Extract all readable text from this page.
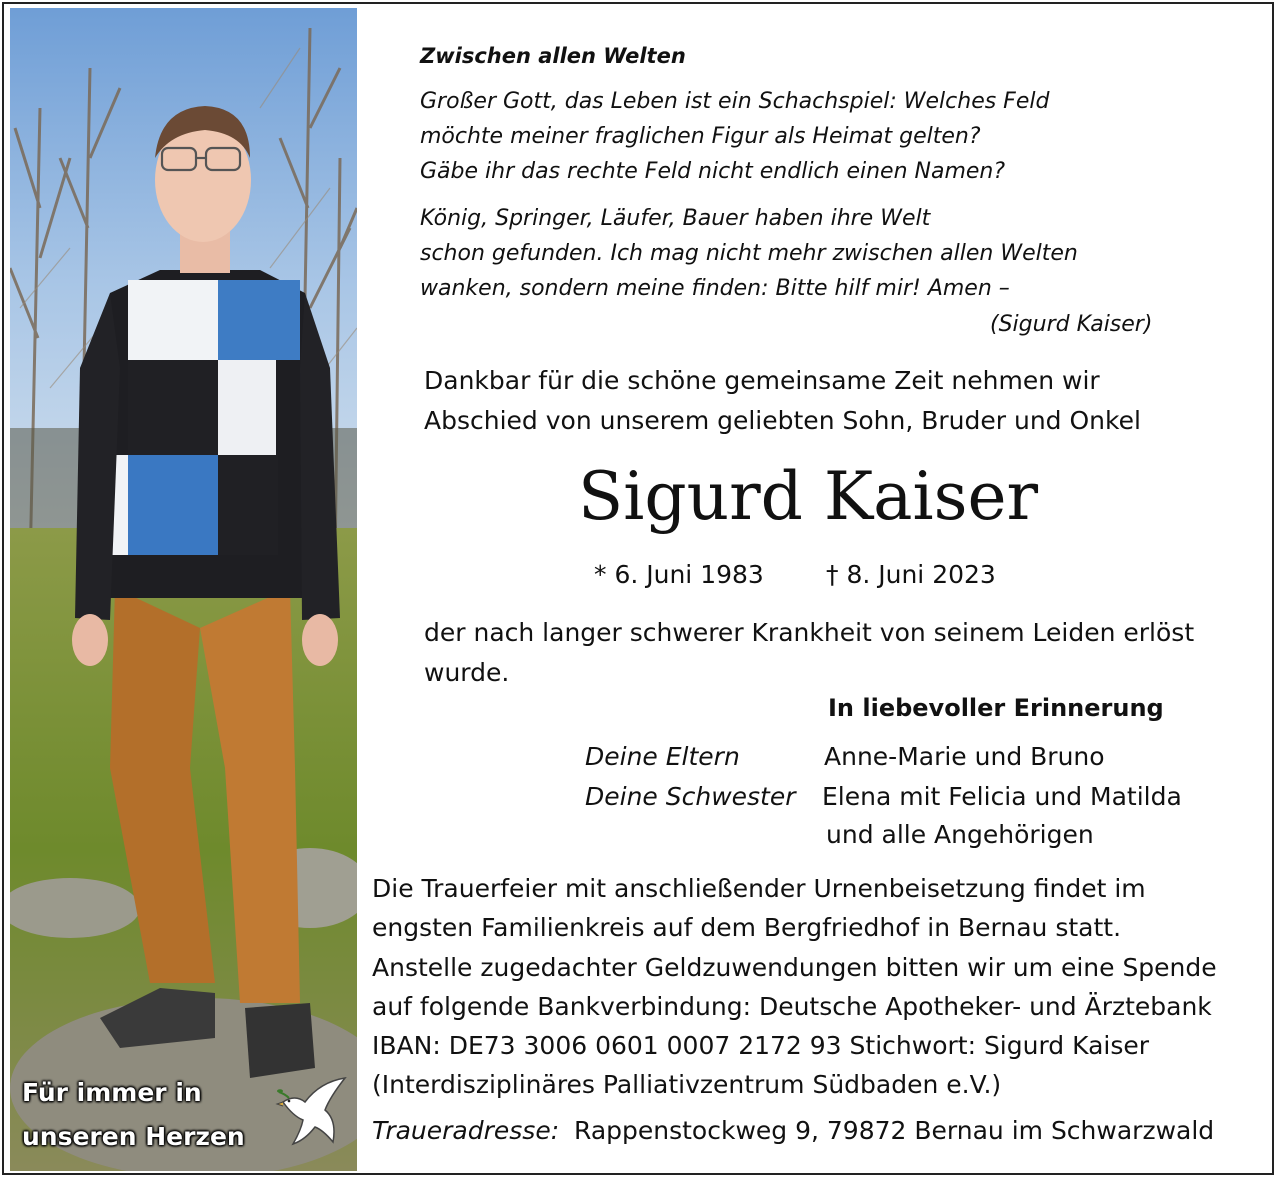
Für immer in
unseren Herzen
Zwischen allen Welten
Großer Gott, das Leben ist ein Schachspiel: Welches Feld
möchte meiner fraglichen Figur als Heimat gelten?
Gäbe ihr das rechte Feld nicht endlich einen Namen?
König, Springer, Läufer, Bauer haben ihre Welt
schon gefunden. Ich mag nicht mehr zwischen allen Welten
wanken, sondern meine finden: Bitte hilf mir! Amen –
(Sigurd Kaiser)
Dankbar für die schöne gemeinsame Zeit nehmen wir
Abschied von unserem geliebten Sohn, Bruder und Onkel
Sigurd Kaiser
* 6. Juni 1983 † 8. Juni 2023
der nach langer schwerer Krankheit von seinem Leiden erlöst
wurde.
In liebevoller Erinnerung
Deine Eltern	Anne-Marie und Bruno
Deine Schwester Elena mit Felicia und Matilda
und alle Angehörigen
Die Trauerfeier mit anschließender Urnenbeisetzung findet im
engsten Familienkreis auf dem Bergfriedhof in Bernau statt.
Anstelle zugedachter Geldzuwendungen bitten wir um eine Spende
auf folgende Bankverbindung: Deutsche Apotheker- und Ärztebank
IBAN: DE73 3006 0601 0007 2172 93 Stichwort: Sigurd Kaiser
(Interdisziplinäres Palliativzentrum Südbaden e.V.)
Traueradresse: Rappenstockweg 9, 79872 Bernau im Schwarzwald
